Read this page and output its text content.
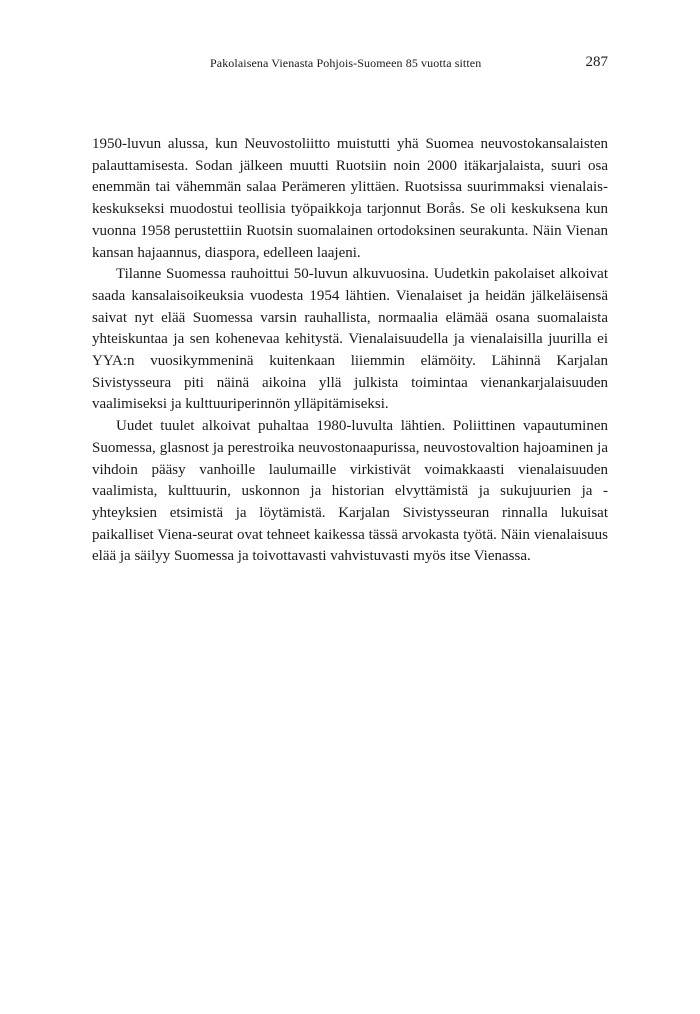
Pakolaisena Vienasta Pohjois-Suomeen 85 vuotta sitten	287

1950-luvun alussa, kun Neuvostoliitto muistutti yhä Suomea neuvostokansalaisten palauttamisesta. Sodan jälkeen muutti Ruotsiin noin 2000 itäkarjalaista, suuri osa enemmän tai vähemmän salaa Perämeren ylittäen. Ruotsissa suurimmaksi vienalais-keskukseksi muodostui teollisia työpaikkoja tarjonnut Borås. Se oli keskuksena kun vuonna 1958 perustettiin Ruotsin suomalainen ortodoksinen seurakunta. Näin Vienan kansan hajaannus, diaspora, edelleen laajeni.

Tilanne Suomessa rauhoittui 50-luvun alkuvuosina. Uudetkin pakolaiset alkoivat saada kansalaisoikeuksia vuodesta 1954 lähtien. Vienalaiset ja heidän jälkeläisensä saivat nyt elää Suomessa varsin rauhallista, normaalia elämää osana suomalaista yhteiskuntaa ja sen kohenevaa kehitystä. Vienalaisuudella ja vienalaisilla juurilla ei YYA:n vuosikymmeninä kuitenkaan liiemmin elämöity. Lähinnä Karjalan Sivistysseura piti näinä aikoina yllä julkista toimintaa vienankarjalaisuuden vaalimiseksi ja kulttuuriperinnön ylläpitämiseksi.

Uudet tuulet alkoivat puhaltaa 1980-luvulta lähtien. Poliittinen vapautuminen Suomessa, glasnost ja perestroika neuvostonaapurissa, neuvostovaltion hajoaminen ja vihdoin pääsy vanhoille laulumaille virkistivät voimakkaasti vienalaisuuden vaalimista, kulttuurin, uskonnon ja historian elvyttämistä ja sukujuurien ja -yhteyksien etsimistä ja löytämistä. Karjalan Sivistysseuran rinnalla lukuisat paikalliset Viena-seurat ovat tehneet kaikessa tässä arvokasta työtä. Näin vienalaisuus elää ja säilyy Suomessa ja toivottavasti vahvistuvasti myös itse Vienassa.
